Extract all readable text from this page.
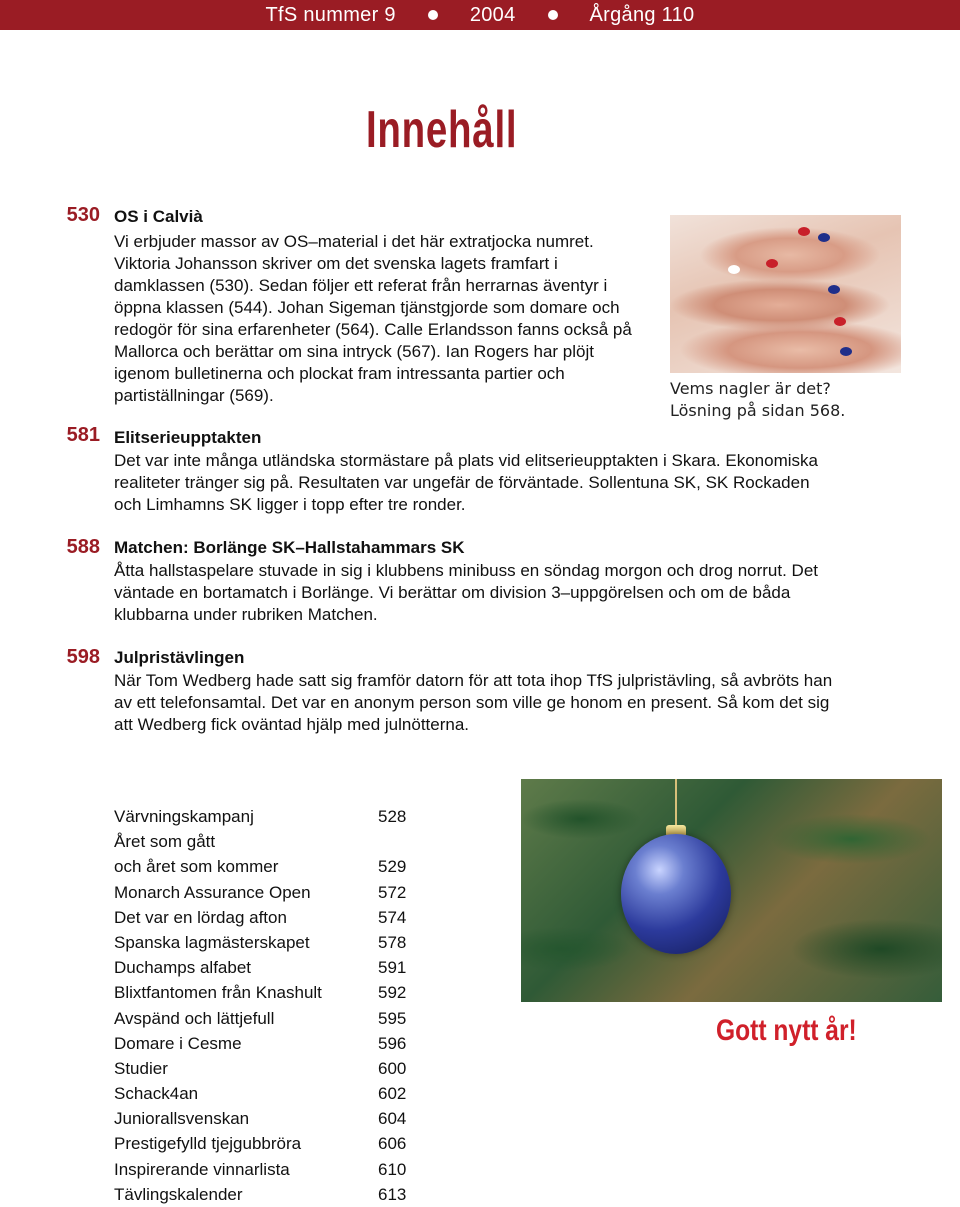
TfS nummer 9	2004	Årgång 110
Innehåll
530 OS i Calvià

Vi erbjuder massor av OS–material i det här extratjocka numret. Viktoria Johansson skriver om det svenska lagets framfart i damklassen (530). Sedan följer ett referat från herrarnas äventyr i öppna klassen (544). Johan Sigeman tjänstgjorde som domare och redogör för sina erfarenheter (564). Calle Erlandsson fanns också på Mallorca och berättar om sina intryck (567). Ian Rogers har plöjt igenom bulletinerna och plockat fram intressanta partier och partiställningar (569).	Vems nagler är det?
Lösning på sidan 568.

581 Elitserieupptakten

Det var inte många utländska stormästare på plats vid elitserieupptakten i Skara. Ekonomiska realiteter tränger sig på. Resultaten var ungefär de förväntade. Sollentuna SK, SK Rockaden och Limhamns SK ligger i topp efter tre ronder.

588 Matchen: Borlänge SK–Hallstahammars SK

Åtta hallstaspelare stuvade in sig i klubbens minibuss en söndag morgon och drog norrut. Det väntade en bortamatch i Borlänge. Vi berättar om division 3–uppgörelsen och om de båda klubbarna under rubriken Matchen.

598 Julpristävlingen

När Tom Wedberg hade satt sig framför datorn för att tota ihop TfS julpristävling, så avbröts han av ett telefonsamtal. Det var en anonym person som ville ge honom en present. Så kom det sig att Wedberg fick oväntad hjälp med julnötterna.

Värvningskampanj	528
Året som gått
och året som kommer	529
Monarch Assurance Open	572
Det var en lördag afton	574
Spanska lagmästerskapet	578
Duchamps alfabet	591
Blixtfantomen från Knashult	592
Avspänd och lättjefull	595
Domare i Cesme	596
Studier	600
Schack4an	602
Juniorallsvenskan	604
Prestigefylld tjejgubbröra	606
Inspirerande vinnarlista	610
Tävlingskalender	613
Gott nytt år!
